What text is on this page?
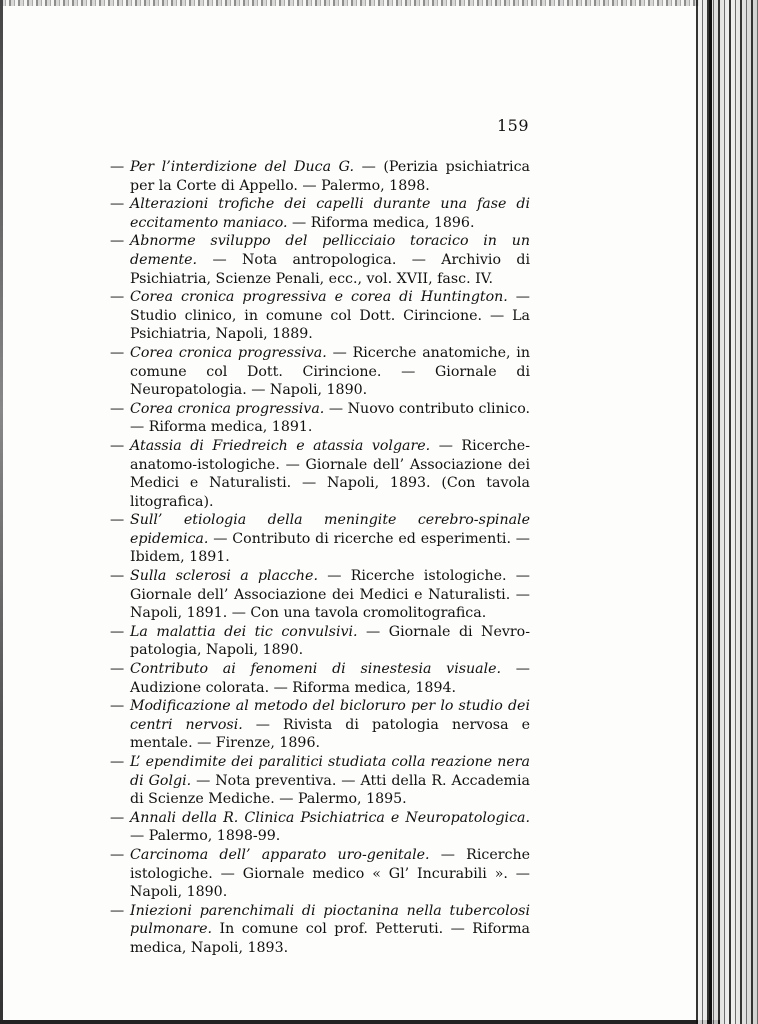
159
— Per l’interdizione del Duca G. — (Perizia psichiatrica per la Corte di Appello. — Palermo, 1898.
— Alterazioni trofiche dei capelli durante una fase di eccitamento maniaco. — Riforma medica, 1896.
— Abnorme sviluppo del pellicciaio toracico in un demente. — Nota antropologica. — Archivio di Psichiatria, Scienze Penali, ecc., vol. XVII, fasc. IV.
— Corea cronica progressiva e corea di Huntington. — Studio clinico, in comune col Dott. Cirincione. — La Psichiatria, Napoli, 1889.
— Corea cronica progressiva. — Ricerche anatomiche, in comune col Dott. Cirincione. — Giornale di Neuropatologia. — Napoli, 1890.
— Corea cronica progressiva. — Nuovo contributo clinico. — Riforma medica, 1891.
— Atassia di Friedreich e atassia volgare. — Ricerche-anatomo-istologiche. — Giornale dell’ Associazione dei Medici e Naturalisti. — Napoli, 1893. (Con tavola litografica).
— Sull’ etiologia della meningite cerebro-spinale epidemica. — Contributo di ricerche ed esperimenti. — Ibidem, 1891.
— Sulla sclerosi a placche. — Ricerche istologiche. — Giornale dell’ Associazione dei Medici e Naturalisti. — Napoli, 1891. — Con una tavola cromolitografica.
— La malattia dei tic convulsivi. — Giornale di Nevro-patologia, Napoli, 1890.
— Contributo ai fenomeni di sinestesia visuale. — Audizione colorata. — Riforma medica, 1894.
— Modificazione al metodo del bicloruro per lo studio dei centri nervosi. — Rivista di patologia nervosa e mentale. — Firenze, 1896.
— L’ ependimite dei paralitici studiata colla reazione nera di Golgi. — Nota preventiva. — Atti della R. Accademia di Scienze Mediche. — Palermo, 1895.
— Annali della R. Clinica Psichiatrica e Neuropatologica. — Palermo, 1898-99.
— Carcinoma dell’ apparato uro-genitale. — Ricerche istologiche. — Giornale medico « Gl’ Incurabili ». — Napoli, 1890.
— Iniezioni parenchimali di pioctanina nella tubercolosi pulmonare. In comune col prof. Petteruti. — Riforma medica, Napoli, 1893.
